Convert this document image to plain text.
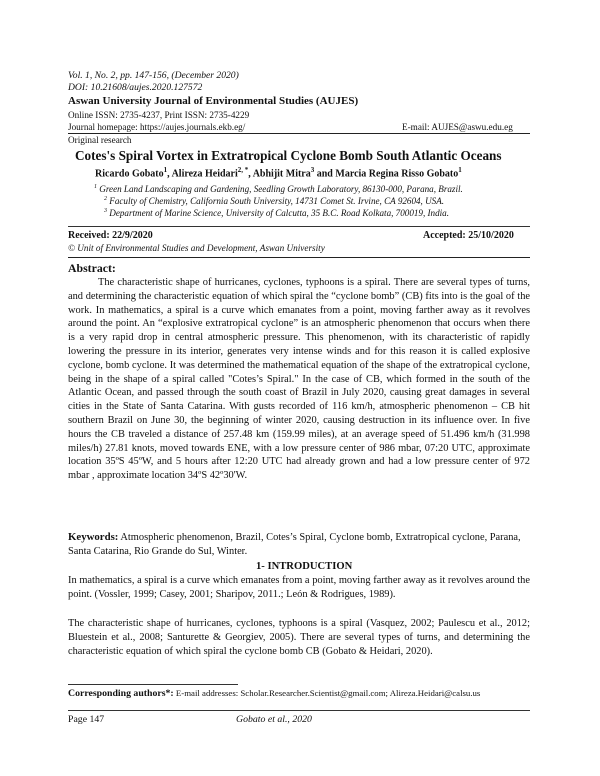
Vol. 1, No. 2, pp. 147-156, (December 2020)
DOI: 10.21608/aujes.2020.127572
Aswan University Journal of Environmental Studies (AUJES)
Online ISSN: 2735-4237, Print ISSN: 2735-4229
Journal homepage: https://aujes.journals.ekb.eg/	E-mail: AUJES@aswu.edu.eg
Original research
Cotes's Spiral Vortex in Extratropical Cyclone Bomb South Atlantic Oceans
Ricardo Gobato$^1$, Alireza Heidari$^{2, *}$, Abhijit Mitra$^3$ and Marcia Regina Risso Gobato$^1$
$^1$ Green Land Landscaping and Gardening, Seedling Growth Laboratory, 86130-000, Parana, Brazil.
$^2$ Faculty of Chemistry, California South University, 14731 Comet St. Irvine, CA 92604, USA.
$^3$ Department of Marine Science, University of Calcutta, 35 B.C. Road Kolkata, 700019, India.
Received: 22/9/2020	Accepted: 25/10/2020
© Unit of Environmental Studies and Development, Aswan University
Abstract:
The characteristic shape of hurricanes, cyclones, typhoons is a spiral. There are several types of turns, and determining the characteristic equation of which spiral the “cyclone bomb” (CB) fits into is the goal of the work. In mathematics, a spiral is a curve which emanates from a point, moving farther away as it revolves around the point. An “explosive extratropical cyclone” is an atmospheric phenomenon that occurs when there is a very rapid drop in central atmospheric pressure. This phenomenon, with its characteristic of rapidly lowering the pressure in its interior, generates very intense winds and for this reason it is called explosive cyclone, bomb cyclone. It was determined the mathematical equation of the shape of the extratropical cyclone, being in the shape of a spiral called "Cotes’s Spiral." In the case of CB, which formed in the south of the Atlantic Ocean, and passed through the south coast of Brazil in July 2020, causing great damages in several cities in the State of Santa Catarina. With gusts recorded of 116 km/h, atmospheric phenomenon – CB hit southern Brazil on June 30, the beginning of winter 2020, causing destruction in its influence over. In five hours the CB traveled a distance of 257.48 km (159.99 miles), at an average speed of 51.496 km/h (31.998 miles/h) 27.81 knots, moved towards ENE, with a low pressure center of 986 mbar, 07:20 UTC, approximate location 35ºS 45ºW, and 5 hours after 12:20 UTC had already grown and had a low pressure center of 972 mbar , approximate location 34ºS 42º30'W.
Keywords: Atmospheric phenomenon, Brazil, Cotes’s Spiral, Cyclone bomb, Extratropical cyclone, Parana, Santa Catarina, Rio Grande do Sul, Winter.
1- INTRODUCTION
In mathematics, a spiral is a curve which emanates from a point, moving farther away as it revolves around the point. (Vossler, 1999; Casey, 2001; Sharipov, 2011.; León & Rodrigues, 1989).
The characteristic shape of hurricanes, cyclones, typhoons is a spiral (Vasquez, 2002; Paulescu et al., 2012; Bluestein et al., 2008; Santurette & Georgiev, 2005). There are several types of turns, and determining the characteristic equation of which spiral the cyclone bomb CB (Gobato & Heidari, 2020).
Corresponding authors*: E-mail addresses: Scholar.Researcher.Scientist@gmail.com; Alireza.Heidari@calsu.us
Page 147	Gobato et al., 2020
